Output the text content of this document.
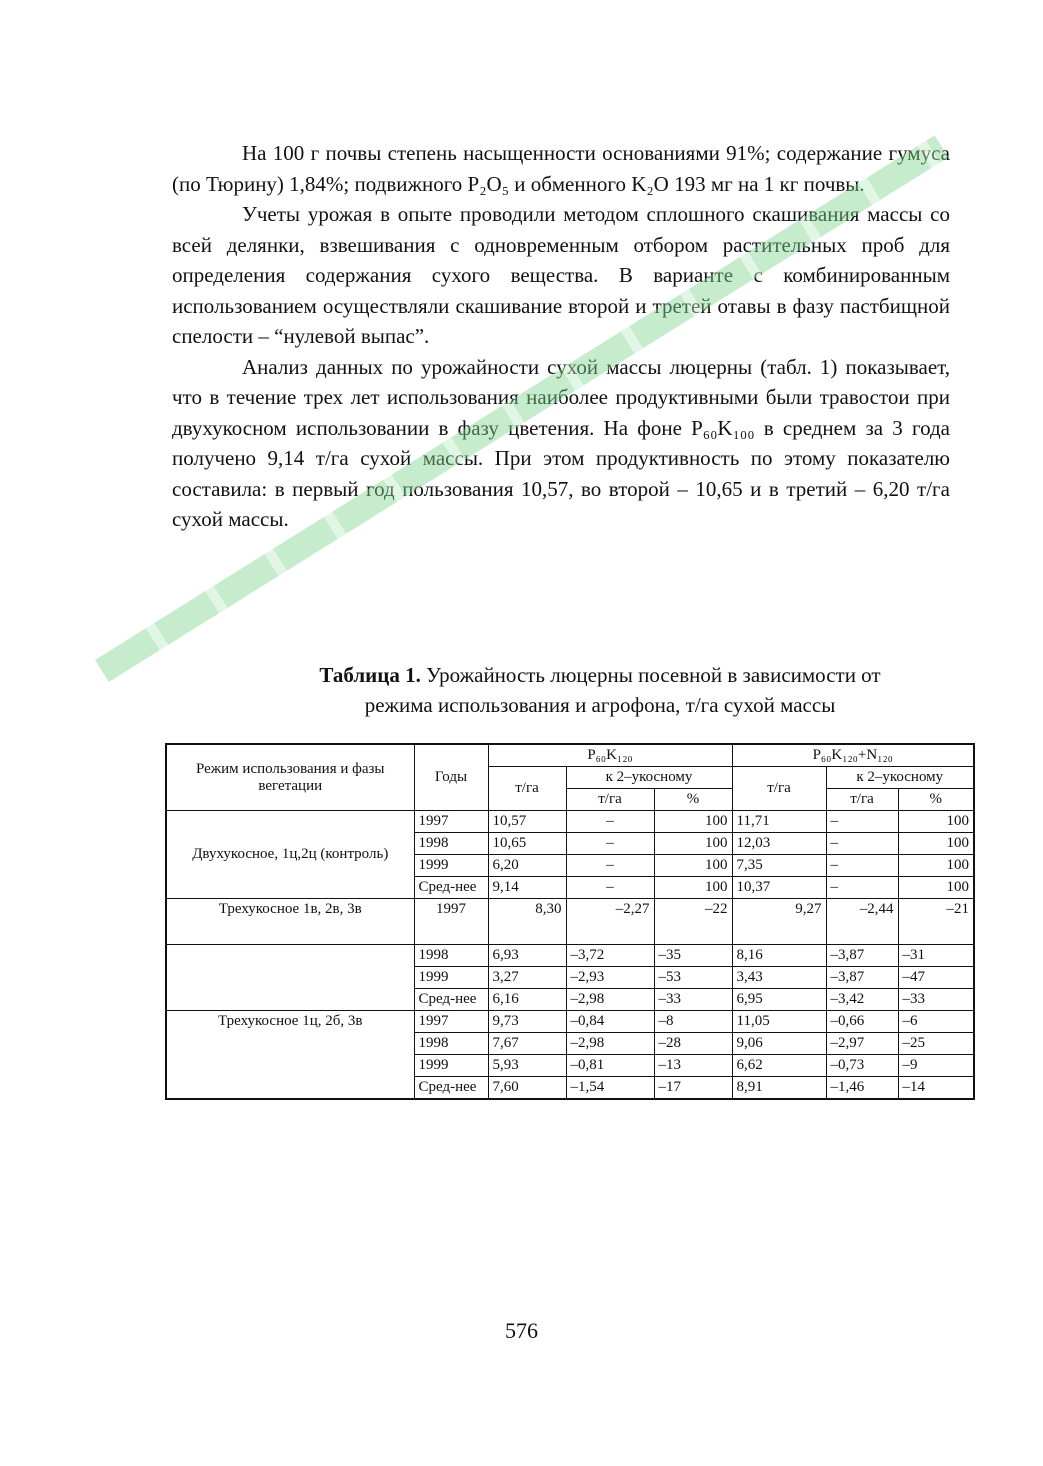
На 100 г почвы степень насыщенности основаниями 91%; содержание гумуса (по Тюрину) 1,84%; подвижного P₂O₅ и обменного K₂O 193 мг на 1 кг почвы.

Учеты урожая в опыте проводили методом сплошного скашивания массы со всей делянки, взвешивания с одновременным отбором растительных проб для определения содержания сухого вещества. В варианте с комбинированным использованием осуществляли скашивание второй и третей отавы в фазу пастбищной спелости – “нулевой выпас”.

Анализ данных по урожайности сухой массы люцерны (табл. 1) показывает, что в течение трех лет использования наиболее продуктивными были травостои при двухукосном использовании в фазу цветения. На фоне P₆₀K₁₀₀ в среднем за 3 года получено 9,14 т/га сухой массы. При этом продуктивность по этому показателю составила: в первый год пользования 10,57, во второй – 10,65 и в третий – 6,20 т/га сухой массы.

Таблица 1. Урожайность люцерны посевной в зависимости от
режима использования и агрофона, т/га сухой массы
Режим использования и фазы вегетации	Годы	P₆₀K₁₂₀			P₆₀K₁₂₀+N₁₂₀		
		т/га	к 2–укосному		т/га	к 2–укосному	
			т/га	%		т/га	%
Двухукосное, 1ц,2ц (контроль)	1997	10,57	–	100	11,71	–	100
	1998	10,65	–	100	12,03	–	100
	1999	6,20	–	100	7,35	–	100
	Сред-нее	9,14	–	100	10,37	–	100
Трехукосное 1в, 2в, 3в	1997	8,30	–2,27	–22	9,27	–2,44	–21
	1998	6,93	–3,72	–35	8,16	–3,87	–31
	1999	3,27	–2,93	–53	3,43	–3,87	–47
	Сред-нее	6,16	–2,98	–33	6,95	–3,42	–33
Трехукосное 1ц, 2б, 3в	1997	9,73	–0,84	–8	11,05	–0,66	–6
	1998	7,67	–2,98	–28	9,06	–2,97	–25
	1999	5,93	–0,81	–13	6,62	–0,73	–9
	Сред-нее	7,60	–1,54	–17	8,91	–1,46	–14
576
